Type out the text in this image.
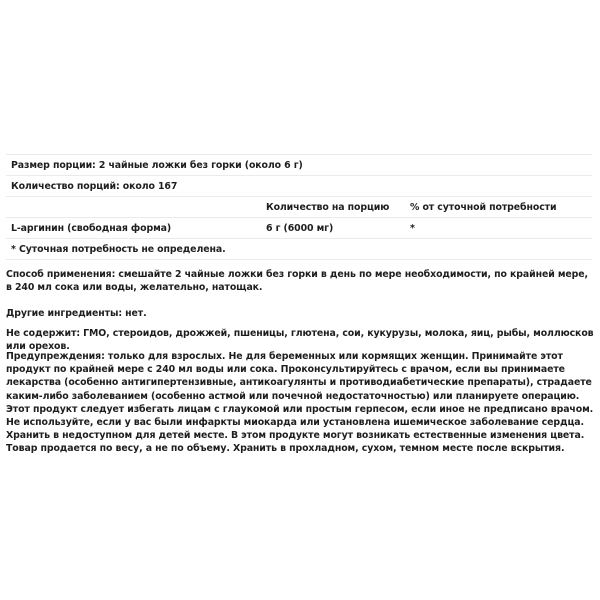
Размер порции: 2 чайные ложки без горки (около 6 г)
Количество порций: около 167
Количество на порцию % от суточной потребности
L-аргинин (свободная форма)	6 г (6000 мг)	*
* Суточная потребность не определена.

Способ применения: смешайте 2 чайные ложки без горки в день по мере необходимости, по крайней мере, в 240 мл сока или воды, желательно, натощак.

Другие ингредиенты: нет.

Не содержит: ГМО, стероидов, дрожжей, пшеницы, глютена, сои, кукурузы, молока, яиц, рыбы, моллюсков или орехов.

Предупреждения: только для взрослых. Не для беременных или кормящих женщин. Принимайте этот продукт по крайней мере с 240 мл воды или сока. Проконсультируйтесь с врачом, если вы принимаете лекарства (особенно антигипертензивные, антикоагулянты и противодиабетические препараты), страдаете каким-либо заболеванием (особенно астмой или почечной недостаточностью) или планируете операцию. Этот продукт следует избегать лицам с глаукомой или простым герпесом, если иное не предписано врачом. Не используйте, если у вас были инфаркты миокарда или установлена ишемическое заболевание сердца. Хранить в недоступном для детей месте. В этом продукте могут возникать естественные изменения цвета. Товар продается по весу, а не по объему. Хранить в прохладном, сухом, темном месте после вскрытия.
